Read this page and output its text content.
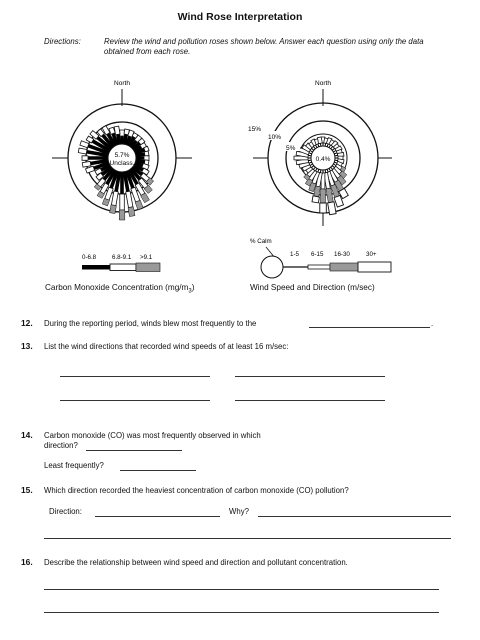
Wind Rose Interpretation
Directions:	Review the wind and pollution roses shown below. Answer each question using only the data obtained from each rose.
North
5.7%
Unclass.
0-6.8	6.8-9.1 >9.1
North
0.4%
15%
10%
5%
% Calm
1-5 6-15 16-30	30+
Carbon Monoxide Concentration $(mg/m_3)$	Wind Speed and Direction (m/sec)
12. During the reporting period, winds blew most frequently to the	.
13. List the wind directions that recorded wind speeds of at least 16 m/sec:
14. Carbon monoxide (CO) was most frequently observed in which
direction?
Least frequently?
15. Which direction recorded the heaviest concentration of carbon monoxide (CO) pollution?
Direction:	Why?
16. Describe the relationship between wind speed and direction and pollutant concentration.
